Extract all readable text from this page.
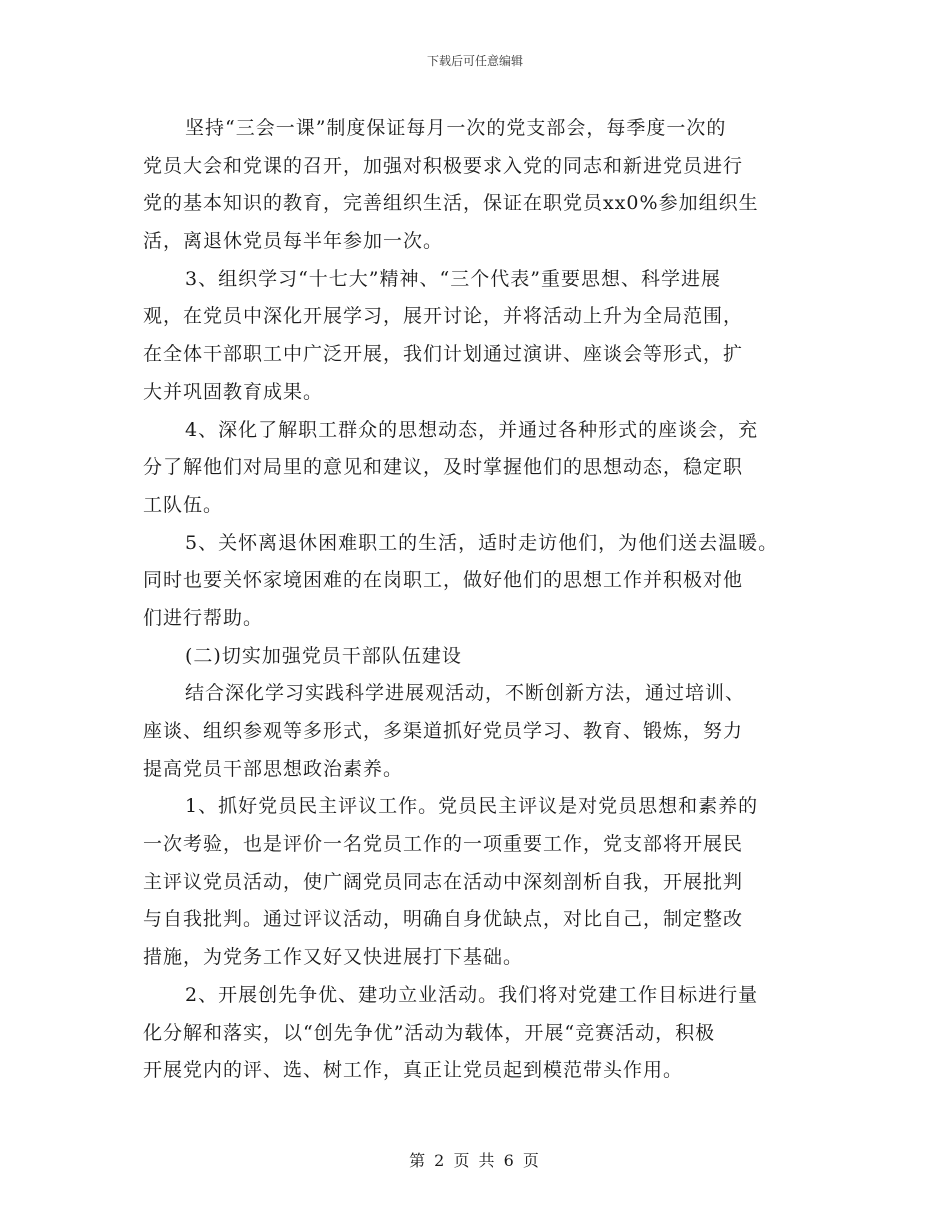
下载后可任意编辑
坚持“三会一课”制度保证每月一次的党支部会，每季度一次的
党员大会和党课的召开，加强对积极要求入党的同志和新进党员进行
党的基本知识的教育，完善组织生活，保证在职党员xx0%参加组织生
活，离退休党员每半年参加一次。
3、组织学习“十七大”精神、“三个代表”重要思想、科学进展
观，在党员中深化开展学习，展开讨论，并将活动上升为全局范围，
在全体干部职工中广泛开展，我们计划通过演讲、座谈会等形式，扩
大并巩固教育成果。
4、深化了解职工群众的思想动态，并通过各种形式的座谈会，充
分了解他们对局里的意见和建议，及时掌握他们的思想动态，稳定职
工队伍。
5、关怀离退休困难职工的生活，适时走访他们，为他们送去温暖。
同时也要关怀家境困难的在岗职工，做好他们的思想工作并积极对他
们进行帮助。
(二)切实加强党员干部队伍建设
结合深化学习实践科学进展观活动，不断创新方法，通过培训、
座谈、组织参观等多形式，多渠道抓好党员学习、教育、锻炼，努力
提高党员干部思想政治素养。
1、抓好党员民主评议工作。党员民主评议是对党员思想和素养的
一次考验，也是评价一名党员工作的一项重要工作，党支部将开展民
主评议党员活动，使广阔党员同志在活动中深刻剖析自我，开展批判
与自我批判。通过评议活动，明确自身优缺点，对比自己，制定整改
措施，为党务工作又好又快进展打下基础。
2、开展创先争优、建功立业活动。我们将对党建工作目标进行量
化分解和落实，以“创先争优”活动为载体，开展“竞赛活动，积极
开展党内的评、选、树工作，真正让党员起到模范带头作用。
第 2 页 共 6 页
